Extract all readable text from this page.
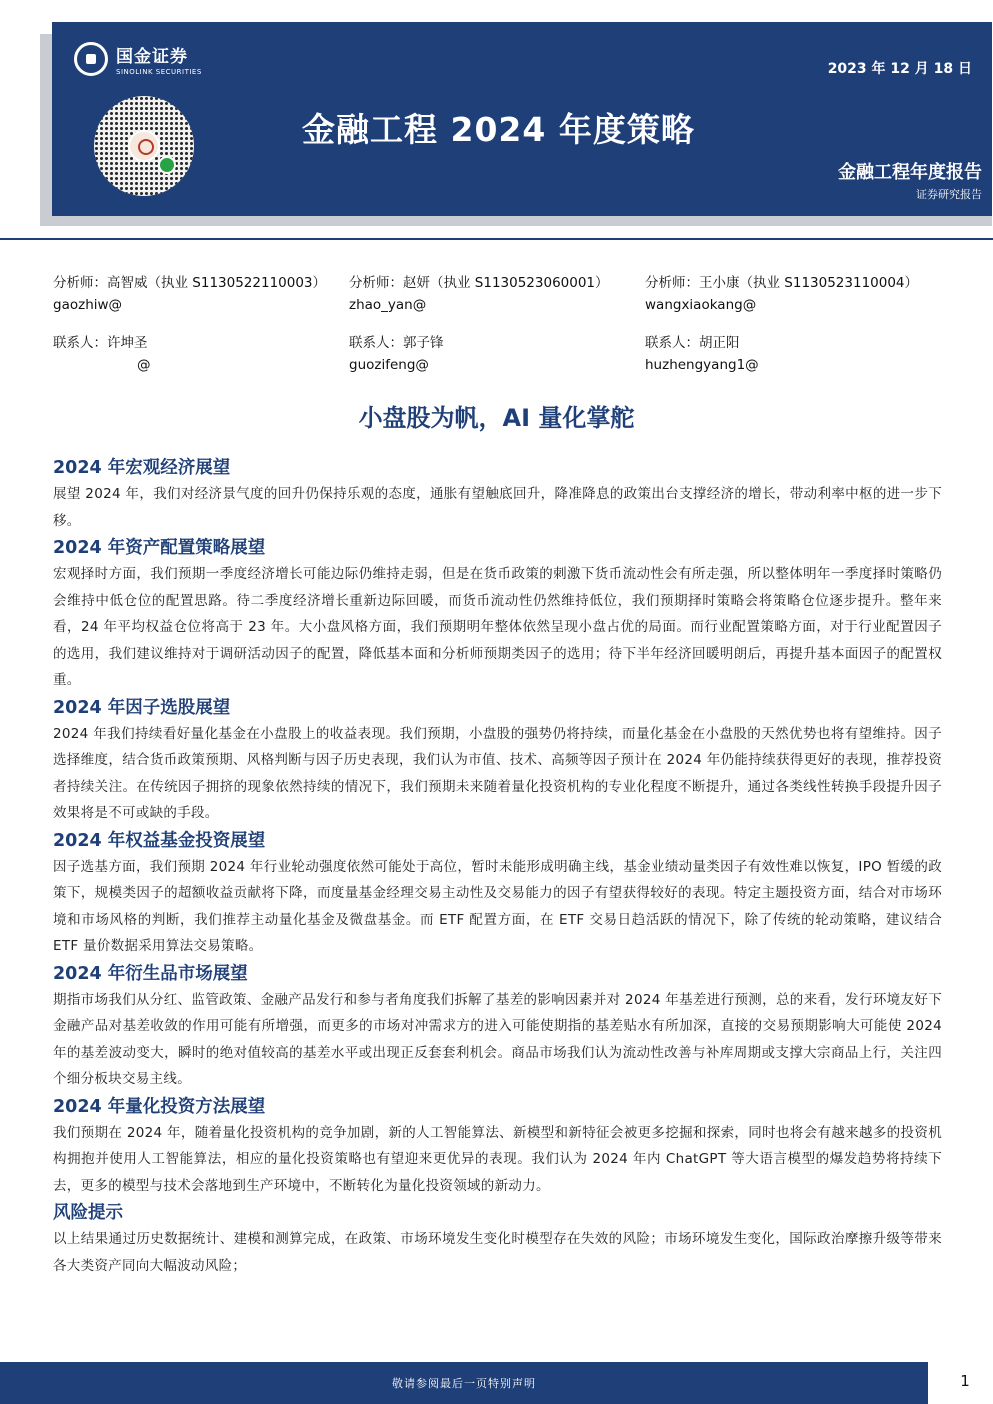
国金证券
SINOLINK SECURITIES	2023 年 12 月 18 日
金融工程 2024 年度策略
金融工程年度报告
证券研究报告
分析师：高智威（执业 S1130522110003）
gaozhiw@
分析师：赵妍（执业 S1130523060001）
zhao_yan@
分析师：王小康（执业 S1130523110004）
wangxiaokang@
联系人：许坤圣
@
联系人：郭子锋
guozifeng@
联系人：胡正阳
huzhengyang1@
小盘股为帆，AI 量化掌舵
2024 年宏观经济展望
展望 2024 年，我们对经济景气度的回升仍保持乐观的态度，通胀有望触底回升，降准降息的政策出台支撑经济的增长，带动利率中枢的进一步下移。
2024 年资产配置策略展望
宏观择时方面，我们预期一季度经济增长可能边际仍维持走弱，但是在货币政策的刺激下货币流动性会有所走强，所以整体明年一季度择时策略仍会维持中低仓位的配置思路。待二季度经济增长重新边际回暖，而货币流动性仍然维持低位，我们预期择时策略会将策略仓位逐步提升。整年来看，24 年平均权益仓位将高于 23 年。大小盘风格方面，我们预期明年整体依然呈现小盘占优的局面。而行业配置策略方面，对于行业配置因子的选用，我们建议维持对于调研活动因子的配置，降低基本面和分析师预期类因子的选用；待下半年经济回暖明朗后，再提升基本面因子的配置权重。
2024 年因子选股展望
2024 年我们持续看好量化基金在小盘股上的收益表现。我们预期，小盘股的强势仍将持续，而量化基金在小盘股的天然优势也将有望维持。因子选择维度，结合货币政策预期、风格判断与因子历史表现，我们认为市值、技术、高频等因子预计在 2024 年仍能持续获得更好的表现，推荐投资者持续关注。在传统因子拥挤的现象依然持续的情况下，我们预期未来随着量化投资机构的专业化程度不断提升，通过各类线性转换手段提升因子效果将是不可或缺的手段。
2024 年权益基金投资展望
因子选基方面，我们预期 2024 年行业轮动强度依然可能处于高位，暂时未能形成明确主线，基金业绩动量类因子有效性难以恢复，IPO 暂缓的政策下，规模类因子的超额收益贡献将下降，而度量基金经理交易主动性及交易能力的因子有望获得较好的表现。特定主题投资方面，结合对市场环境和市场风格的判断，我们推荐主动量化基金及微盘基金。而 ETF 配置方面，在 ETF 交易日趋活跃的情况下，除了传统的轮动策略，建议结合 ETF 量价数据采用算法交易策略。
2024 年衍生品市场展望
期指市场我们从分红、监管政策、金融产品发行和参与者角度我们拆解了基差的影响因素并对 2024 年基差进行预测，总的来看，发行环境友好下金融产品对基差收敛的作用可能有所增强，而更多的市场对冲需求方的进入可能使期指的基差贴水有所加深，直接的交易预期影响大可能使 2024 年的基差波动变大，瞬时的绝对值较高的基差水平或出现正反套套利机会。商品市场我们认为流动性改善与补库周期或支撑大宗商品上行，关注四个细分板块交易主线。
2024 年量化投资方法展望
我们预期在 2024 年，随着量化投资机构的竞争加剧，新的人工智能算法、新模型和新特征会被更多挖掘和探索，同时也将会有越来越多的投资机构拥抱并使用人工智能算法，相应的量化投资策略也有望迎来更优异的表现。我们认为 2024 年内 ChatGPT 等大语言模型的爆发趋势将持续下去，更多的模型与技术会落地到生产环境中，不断转化为量化投资领域的新动力。
风险提示
以上结果通过历史数据统计、建模和测算完成，在政策、市场环境发生变化时模型存在失效的风险；市场环境发生变化，国际政治摩擦升级等带来各大类资产同向大幅波动风险；
敬请参阅最后一页特别声明	1
